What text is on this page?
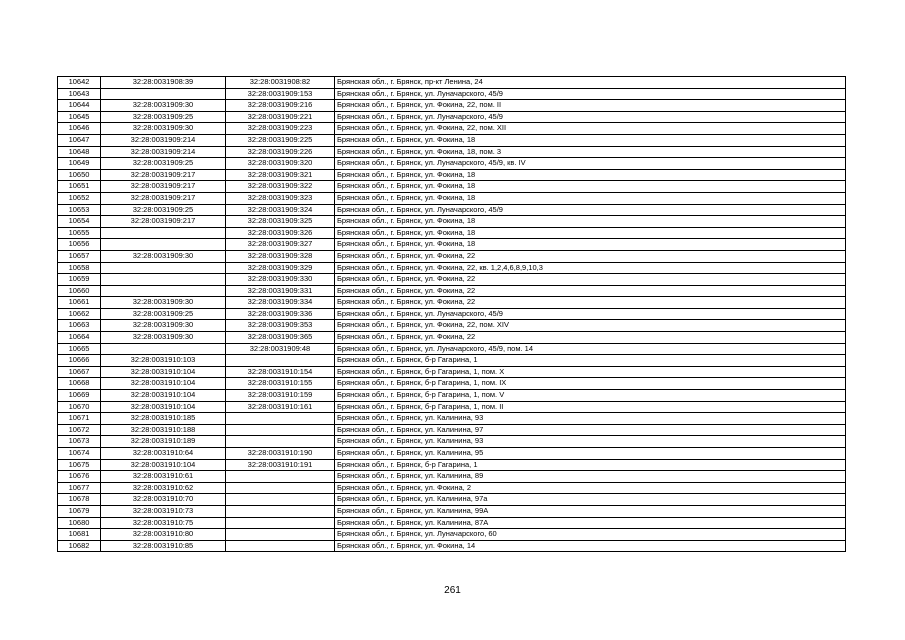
10642	32:28:0031908:39	32:28:0031908:82	Брянская обл., г. Брянск, пр-кт Ленина, 24
10643		32:28:0031909:153	Брянская обл., г. Брянск, ул. Луначарского, 45/9
10644	32:28:0031909:30	32:28:0031909:216	Брянская обл., г. Брянск, ул. Фокина, 22, пом. II
10645	32:28:0031909:25	32:28:0031909:221	Брянская обл., г. Брянск, ул. Луначарского, 45/9
10646	32:28:0031909:30	32:28:0031909:223	Брянская обл., г. Брянск, ул. Фокина, 22, пом. XII
10647	32:28:0031909:214	32:28:0031909:225	Брянская обл., г. Брянск, ул. Фокина, 18
10648	32:28:0031909:214	32:28:0031909:226	Брянская обл., г. Брянск, ул. Фокина, 18, пом. 3
10649	32:28:0031909:25	32:28:0031909:320	Брянская обл., г. Брянск, ул. Луначарского, 45/9, кв. IV
10650	32:28:0031909:217	32:28:0031909:321	Брянская обл., г. Брянск, ул. Фокина, 18
10651	32:28:0031909:217	32:28:0031909:322	Брянская обл., г. Брянск, ул. Фокина, 18
10652	32:28:0031909:217	32:28:0031909:323	Брянская обл., г. Брянск, ул. Фокина, 18
10653	32:28:0031909:25	32:28:0031909:324	Брянская обл., г. Брянск, ул. Луначарского, 45/9
10654	32:28:0031909:217	32:28:0031909:325	Брянская обл., г. Брянск, ул. Фокина, 18
10655		32:28:0031909:326	Брянская обл., г. Брянск, ул. Фокина, 18
10656		32:28:0031909:327	Брянская обл., г. Брянск, ул. Фокина, 18
10657	32:28:0031909:30	32:28:0031909:328	Брянская обл., г. Брянск, ул. Фокина, 22
10658		32:28:0031909:329	Брянская обл., г. Брянск, ул. Фокина, 22, кв. 1,2,4,6,8,9,10,3
10659		32:28:0031909:330	Брянская обл., г. Брянск, ул. Фокина, 22
10660		32:28:0031909:331	Брянская обл., г. Брянск, ул. Фокина, 22
10661	32:28:0031909:30	32:28:0031909:334	Брянская обл., г. Брянск, ул. Фокина, 22
10662	32:28:0031909:25	32:28:0031909:336	Брянская обл., г. Брянск, ул. Луначарского, 45/9
10663	32:28:0031909:30	32:28:0031909:353	Брянская обл., г. Брянск, ул. Фокина, 22, пом. XIV
10664	32:28:0031909:30	32:28:0031909:365	Брянская обл., г. Брянск, ул. Фокина, 22
10665		32:28:0031909:48	Брянская обл., г. Брянск, ул. Луначарского, 45/9, пом. 14
10666	32:28:0031910:103		Брянская обл., г. Брянск, б-р Гагарина, 1
10667	32:28:0031910:104	32:28:0031910:154	Брянская обл., г. Брянск, б-р Гагарина, 1, пом. X
10668	32:28:0031910:104	32:28:0031910:155	Брянская обл., г. Брянск, б-р Гагарина, 1, пом. IX
10669	32:28:0031910:104	32:28:0031910:159	Брянская обл., г. Брянск, б-р Гагарина, 1, пом. V
10670	32:28:0031910:104	32:28:0031910:161	Брянская обл., г. Брянск, б-р Гагарина, 1, пом. II
10671	32:28:0031910:185		Брянская обл., г. Брянск, ул. Калинина, 93
10672	32:28:0031910:188		Брянская обл., г. Брянск, ул. Калинина, 97
10673	32:28:0031910:189		Брянская обл., г. Брянск, ул. Калинина, 93
10674	32:28:0031910:64	32:28:0031910:190	Брянская обл., г. Брянск, ул. Калинина, 95
10675	32:28:0031910:104	32:28:0031910:191	Брянская обл., г. Брянск, б-р Гагарина, 1
10676	32:28:0031910:61		Брянская обл., г. Брянск, ул. Калинина, 89
10677	32:28:0031910:62		Брянская обл., г. Брянск, ул. Фокина, 2
10678	32:28:0031910:70		Брянская обл., г. Брянск, ул. Калинина, 97а
10679	32:28:0031910:73		Брянская обл., г. Брянск, ул. Калинина, 99А
10680	32:28:0031910:75		Брянская обл., г. Брянск, ул. Калинина, 87А
10681	32:28:0031910:80		Брянская обл., г. Брянск, ул. Луначарского, 60
10682	32:28:0031910:85		Брянская обл., г. Брянск, ул. Фокина, 14
261
